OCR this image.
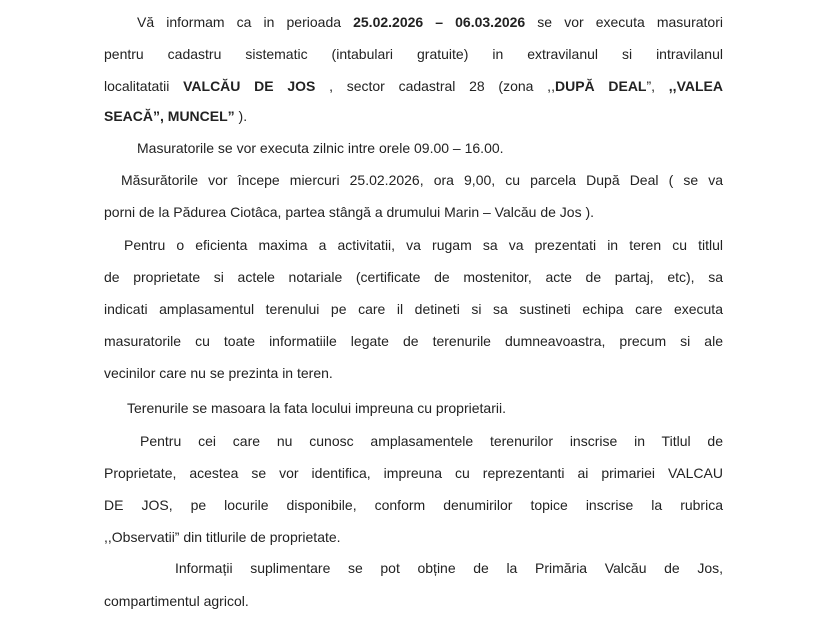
Vă informam ca in perioada 25.02.2026 – 06.03.2026 se vor executa masuratori
pentru cadastru sistematic (intabulari gratuite) in extravilanul si intravilanul
localitatatii VALCĂU DE JOS , sector cadastral 28 (zona ,,DUPĂ DEAL”, ,,VALEA
SEACĂ”, MUNCEL” ).
Masuratorile se vor executa zilnic intre orele 09.00 – 16.00.
Măsurătorile vor începe miercuri 25.02.2026, ora 9,00, cu parcela După Deal ( se va
porni de la Pădurea Ciotâca, partea stângă a drumului Marin – Valcău de Jos ).
Pentru o eficienta maxima a activitatii, va rugam sa va prezentati in teren cu titlul
de proprietate si actele notariale (certificate de mostenitor, acte de partaj, etc), sa
indicati amplasamentul terenului pe care il detineti si sa sustineti echipa care executa
masuratorile cu toate informatiile legate de terenurile dumneavoastra, precum si ale
vecinilor care nu se prezinta in teren.
Terenurile se masoara la fata locului impreuna cu proprietarii.
Pentru cei care nu cunosc amplasamentele terenurilor inscrise in Titlul de
Proprietate, acestea se vor identifica, impreuna cu reprezentanti ai primariei VALCAU
DE JOS, pe locurile disponibile, conform denumirilor topice inscrise la rubrica
,,Observatii” din titlurile de proprietate.
Informații suplimentare se pot obține de la Primăria Valcău de Jos,
compartimentul agricol.
